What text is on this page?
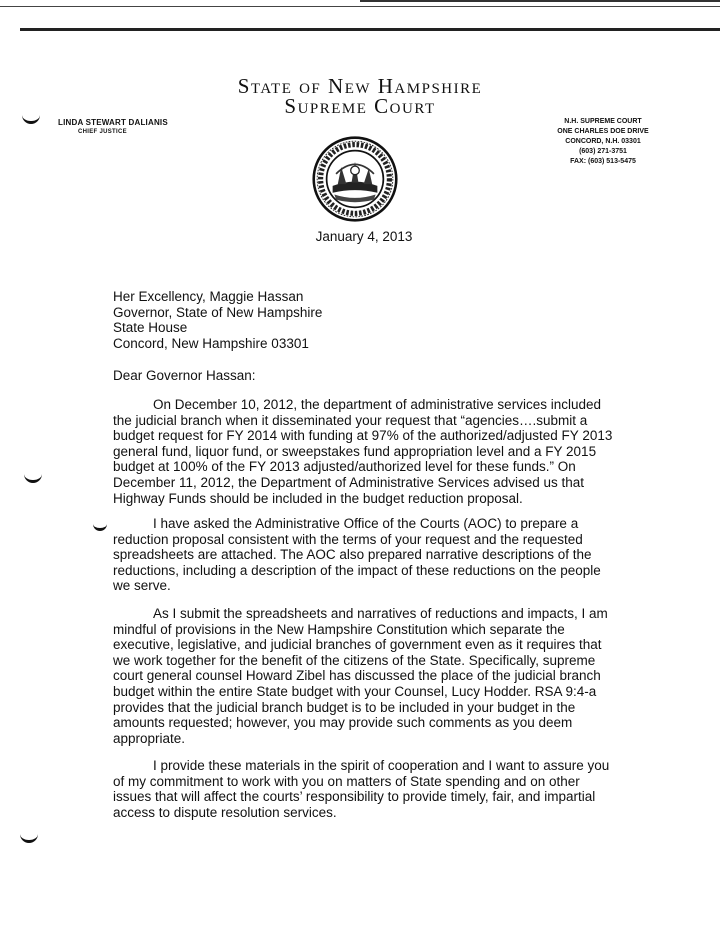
State of New Hampshire
Supreme Court
LINDA STEWART DALIANIS
CHIEF JUSTICE
N.H. SUPREME COURT
ONE CHARLES DOE DRIVE
CONCORD, N.H. 03301
(603) 271-3751
FAX: (603) 513-5475
January 4, 2013
Her Excellency, Maggie Hassan
Governor, State of New Hampshire
State House
Concord, New Hampshire 03301
Dear Governor Hassan:
On December 10, 2012, the department of administrative services included the judicial branch when it disseminated your request that “agencies….submit a budget request for FY 2014 with funding at 97% of the authorized/adjusted FY 2013 general fund, liquor fund, or sweepstakes fund appropriation level and a FY 2015 budget at 100% of the FY 2013 adjusted/authorized level for these funds.” On December 11, 2012, the Department of Administrative Services advised us that Highway Funds should be included in the budget reduction proposal.
I have asked the Administrative Office of the Courts (AOC) to prepare a reduction proposal consistent with the terms of your request and the requested spreadsheets are attached. The AOC also prepared narrative descriptions of the reductions, including a description of the impact of these reductions on the people we serve.
As I submit the spreadsheets and narratives of reductions and impacts, I am mindful of provisions in the New Hampshire Constitution which separate the executive, legislative, and judicial branches of government even as it requires that we work together for the benefit of the citizens of the State. Specifically, supreme court general counsel Howard Zibel has discussed the place of the judicial branch budget within the entire State budget with your Counsel, Lucy Hodder. RSA 9:4-a provides that the judicial branch budget is to be included in your budget in the amounts requested; however, you may provide such comments as you deem appropriate.
I provide these materials in the spirit of cooperation and I want to assure you of my commitment to work with you on matters of State spending and on other issues that will affect the courts’ responsibility to provide timely, fair, and impartial access to dispute resolution services.
